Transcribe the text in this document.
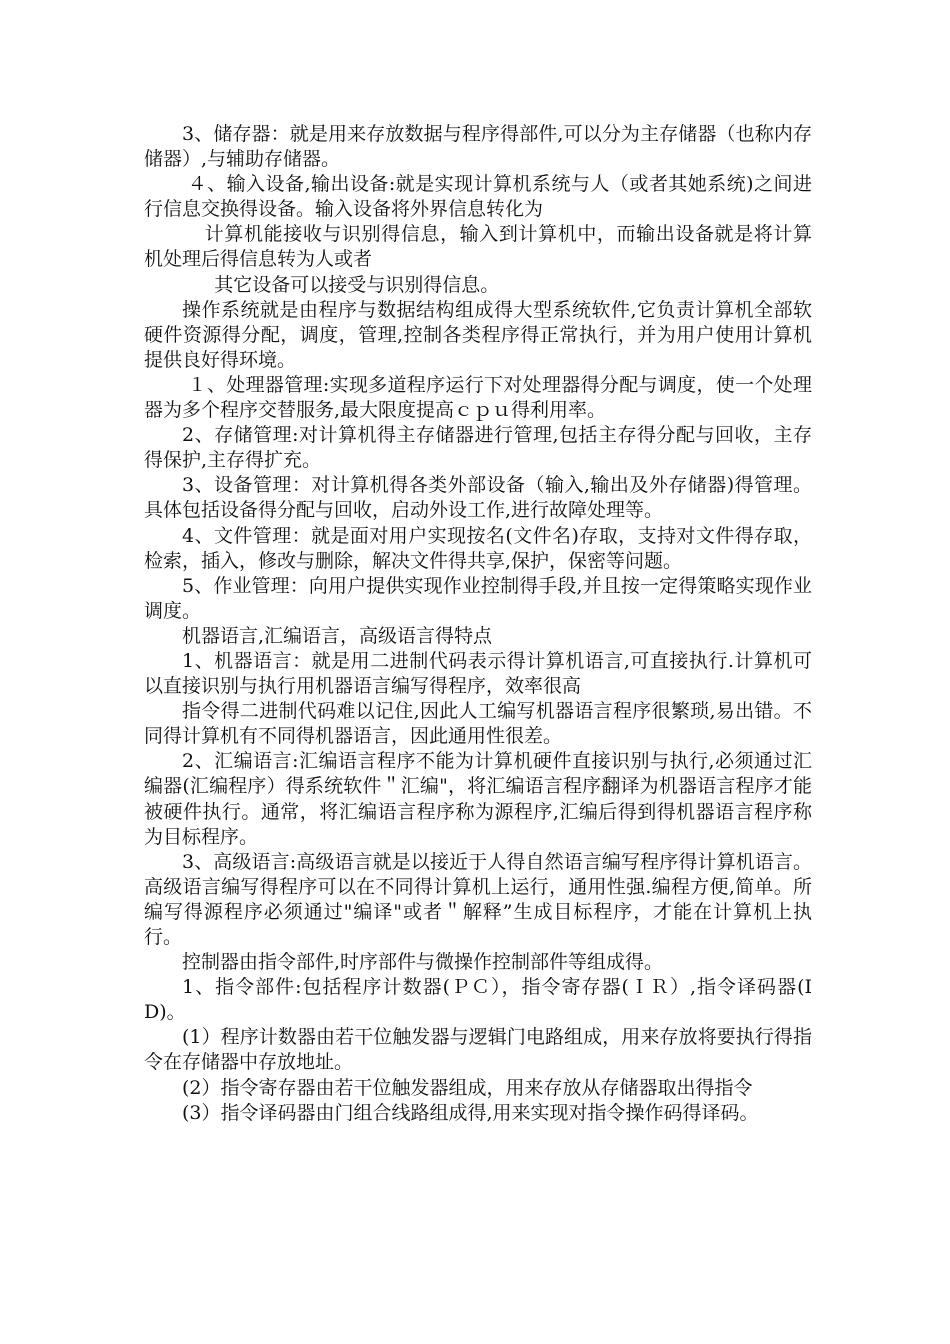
3、储存器：就是用来存放数据与程序得部件,可以分为主存储器（也称内存储器）,与辅助存储器。

４、输入设备,输出设备:就是实现计算机系统与人（或者其她系统)之间进行信息交换得设备。输入设备将外界信息转化为

计算机能接收与识别得信息，输入到计算机中，而输出设备就是将计算机处理后得信息转为人或者

其它设备可以接受与识别得信息。

操作系统就是由程序与数据结构组成得大型系统软件,它负责计算机全部软硬件资源得分配，调度，管理,控制各类程序得正常执行，并为用户使用计算机提供良好得环境。

１、处理器管理:实现多道程序运行下对处理器得分配与调度，使一个处理器为多个程序交替服务,最大限度提高ｃｐｕ得利用率。

2、存储管理:对计算机得主存储器进行管理,包括主存得分配与回收，主存得保护,主存得扩充。

3、设备管理：对计算机得各类外部设备（输入,输出及外存储器)得管理。具体包括设备得分配与回收，启动外设工作,进行故障处理等。

4、文件管理：就是面对用户实现按名(文件名)存取，支持对文件得存取，检索，插入，修改与删除，解决文件得共享,保护，保密等问题。

5、作业管理：向用户提供实现作业控制得手段,并且按一定得策略实现作业调度。

机器语言,汇编语言，高级语言得特点

1、机器语言：就是用二进制代码表示得计算机语言,可直接执行.计算机可以直接识别与执行用机器语言编写得程序，效率很高

指令得二进制代码难以记住,因此人工编写机器语言程序很繁琐,易出错。不同得计算机有不同得机器语言，因此通用性很差。

2、汇编语言:汇编语言程序不能为计算机硬件直接识别与执行,必须通过汇编器(汇编程序）得系统软件＂汇编"，将汇编语言程序翻译为机器语言程序才能被硬件执行。通常，将汇编语言程序称为源程序,汇编后得到得机器语言程序称为目标程序。

3、高级语言:高级语言就是以接近于人得自然语言编写程序得计算机语言。高级语言编写得程序可以在不同得计算机上运行，通用性强.编程方便,简单。所编写得源程序必须通过"编译"或者＂解释”生成目标程序，才能在计算机上执行。

控制器由指令部件,时序部件与微操作控制部件等组成得。

1、指令部件:包括程序计数器(ＰＣ），指令寄存器(ＩＲ）,指令译码器(ID)。

(1）程序计数器由若干位触发器与逻辑门电路组成，用来存放将要执行得指令在存储器中存放地址。

(2）指令寄存器由若干位触发器组成，用来存放从存储器取出得指令

(3）指令译码器由门组合线路组成得,用来实现对指令操作码得译码。
